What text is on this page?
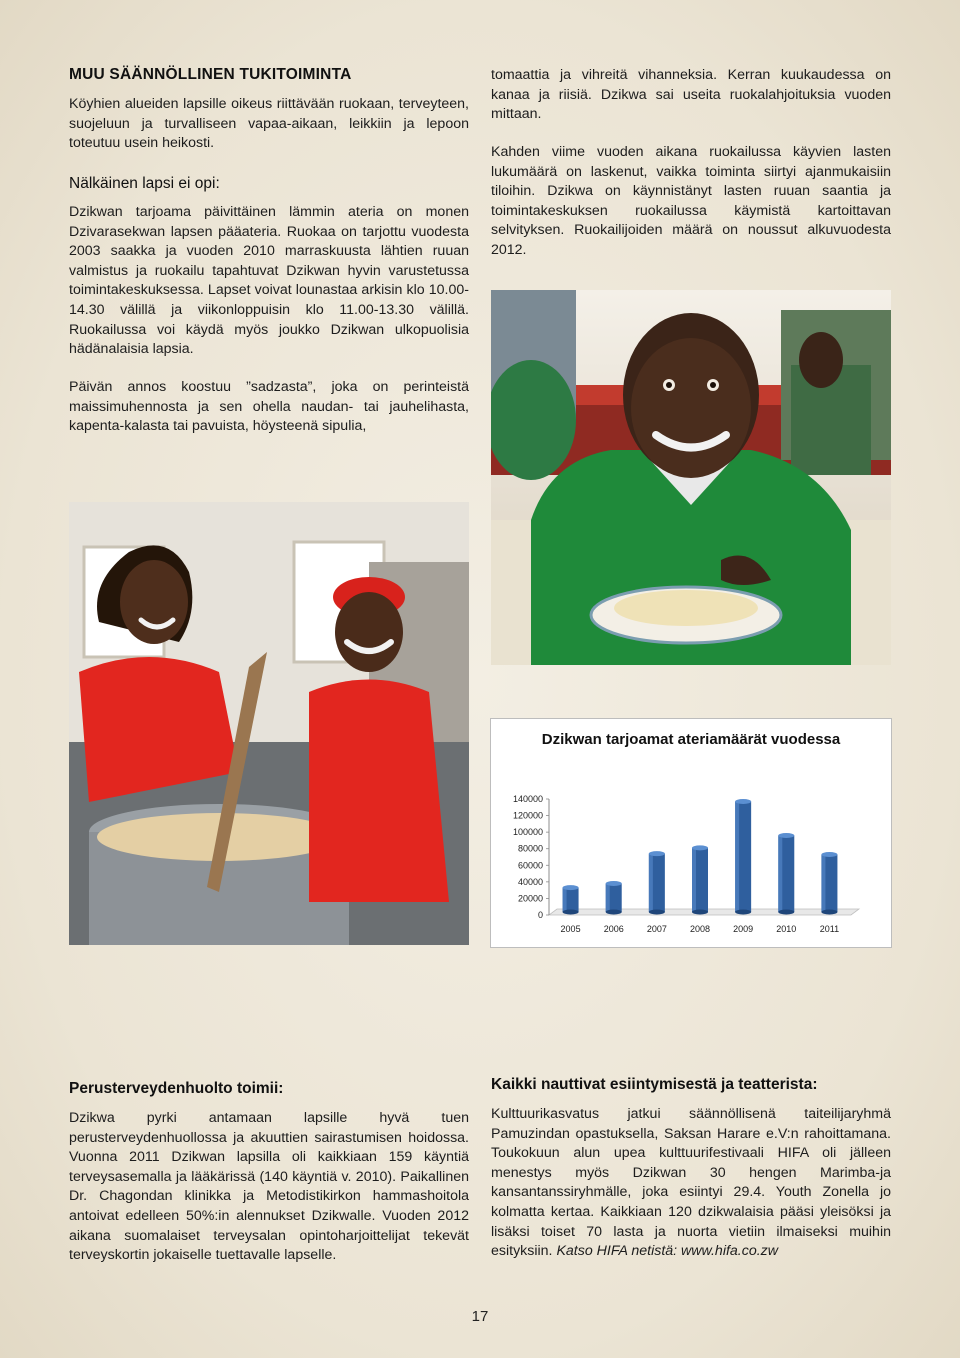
MUU SÄÄNNÖLLINEN TUKITOIMINTA

Köyhien alueiden lapsille oikeus riittävään ruokaan, terveyteen, suojeluun ja turvalliseen vapaa-aikaan, leikkiin ja lepoon toteutuu usein heikosti.

Nälkäinen lapsi ei opi:

Dzikwan tarjoama päivittäinen lämmin ateria on monen Dzivarasekwan lapsen pääateria. Ruokaa on tarjottu vuodesta 2003 saakka ja vuoden 2010 marraskuusta lähtien ruuan valmistus ja ruokailu tapahtuvat Dzikwan hyvin varustetussa toimintakeskuksessa. Lapset voivat lounastaa arkisin klo 10.00-14.30 välillä ja viikonloppuisin klo 11.00-13.30 välillä. Ruokailussa voi käydä myös joukko Dzikwan ulkopuolisia hädänalaisia lapsia.

Päivän annos koostuu ”sadzasta”, joka on perinteistä maissimuhennosta ja sen ohella naudan- tai jauhelihasta, kapenta-kalasta tai pavuista, höysteenä sipulia,

tomaattia ja vihreitä vihanneksia. Kerran kuukaudessa on kanaa ja riisiä. Dzikwa sai useita ruokalahjoituksia vuoden mittaan.

Kahden viime vuoden aikana ruokailussa käyvien lasten lukumäärä on laskenut, vaikka toiminta siirtyi ajanmukaisiin tiloihin. Dzikwa on käynnistänyt lasten ruuan saantia ja toimintakeskuksen ruokailussa käymistä kartoittavan selvityksen. Ruokailijoiden määrä on noussut alkuvuodesta 2012.

Dzikwan tarjoamat ateriamäärät vuodessa
0
20000
40000
60000
80000
100000
120000
140000
2005	2006	2007	2008	2009	2010	2011
Perusterveydenhuolto toimii:

Dzikwa pyrki antamaan lapsille hyvä tuen perusterveydenhuollossa ja akuuttien sairastumisen hoidossa. Vuonna 2011 Dzikwan lapsilla oli kaikkiaan 159 käyntiä terveysasemalla ja lääkärissä (140 käyntiä v. 2010). Paikallinen Dr. Chagondan klinikka ja Metodistikirkon hammashoitola antoivat edelleen 50%:in alennukset Dzikwalle. Vuoden 2012 aikana suomalaiset terveysalan opintoharjoittelijat tekevät terveyskortin jokaiselle tuettavalle lapselle.

Kaikki nauttivat esiintymisestä ja teatterista:

Kulttuurikasvatus jatkui säännöllisenä taiteilijaryhmä Pamuzindan opastuksella, Saksan Harare e.V:n rahoittamana. Toukokuun alun upea kulttuurifestivaali HIFA oli jälleen menestys myös Dzikwan 30 hengen Marimba-ja kansantanssiryhmälle, joka esiintyi 29.4. Youth Zonella jo kolmatta kertaa. Kaikkiaan 120 dzikwalaisia pääsi yleisöksi ja lisäksi toiset 70 lasta ja nuorta vietiin ilmaiseksi muihin esityksiin. Katso HIFA netistä: www.hifa.co.zw

17
